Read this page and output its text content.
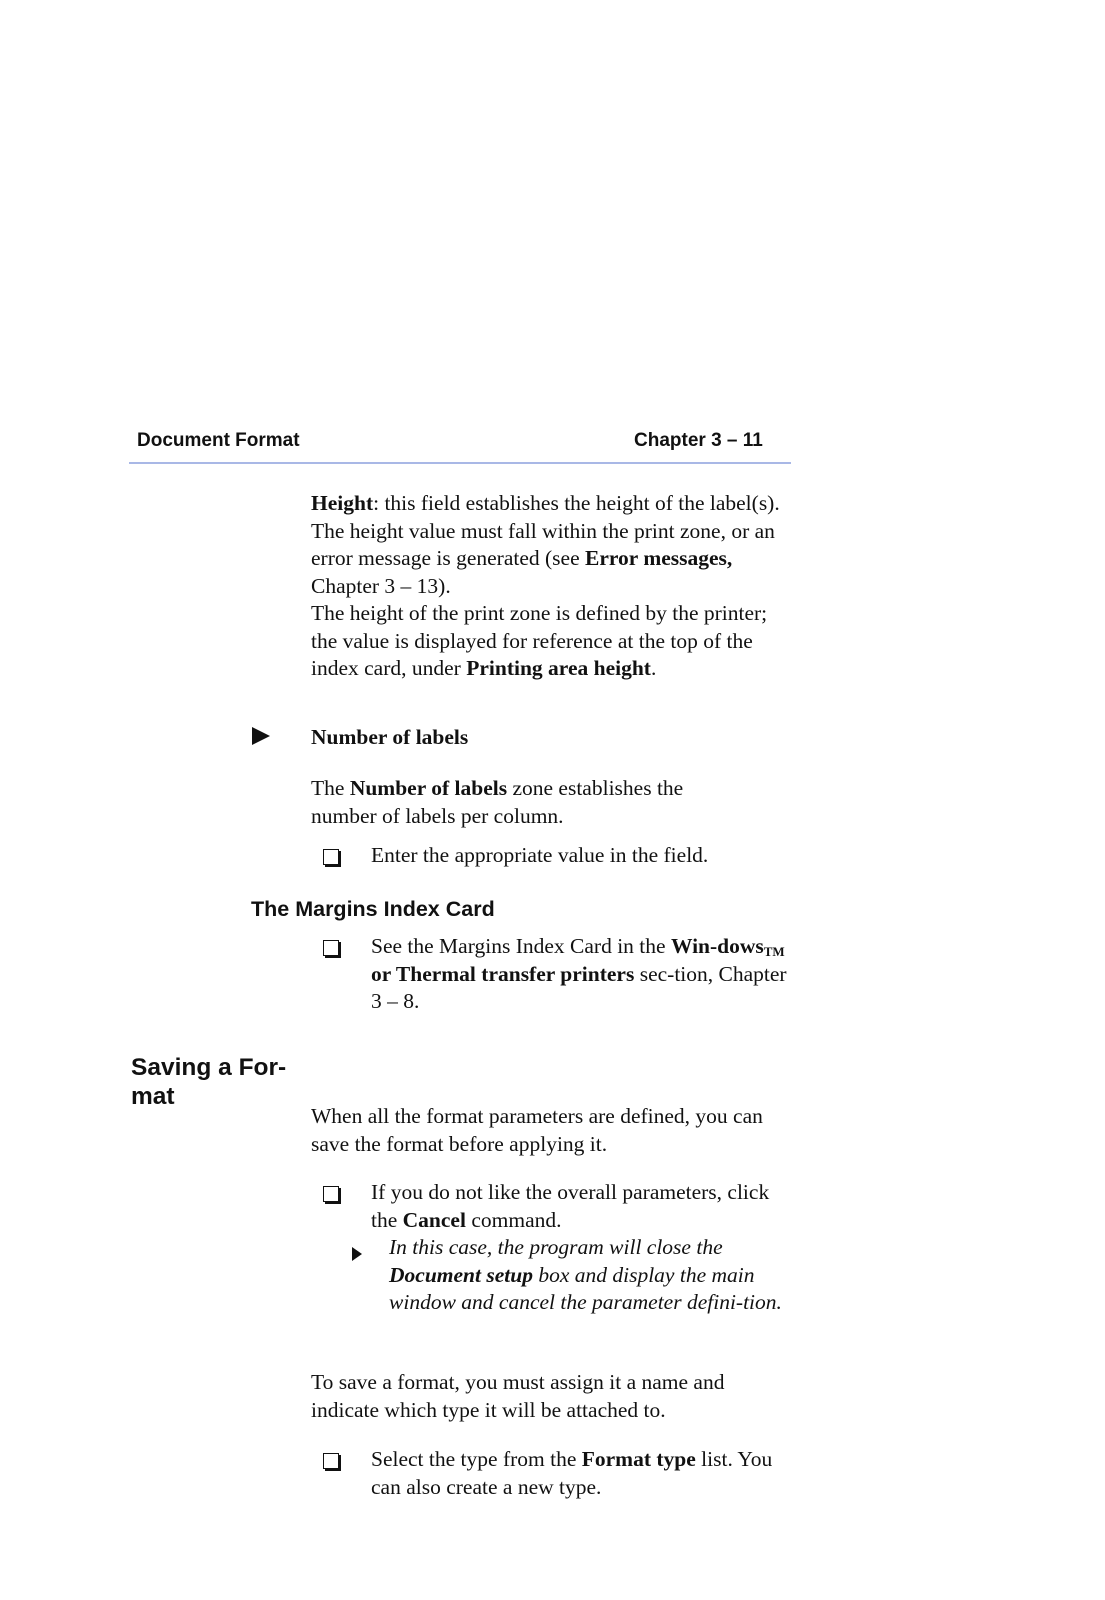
Document Format	Chapter 3 – 11

Height: this field establishes the height of the label(s). The height value must fall within the print zone, or an error message is generated (see Error messages, Chapter 3 – 13).

The height of the print zone is defined by the printer; the value is displayed for reference at the top of the index card, under Printing area height.

Number of labels

The Number of labels zone establishes the number of labels per column.

Enter the appropriate value in the field.
The Margins Index Card
See the Margins Index Card in the Win-dows$_{TM}$ or Thermal transfer printers sec-tion, Chapter 3 – 8.
Saving a For-
mat

When all the format parameters are defined, you can save the format before applying it.

If you do not like the overall parameters, click the Cancel command.

In this case, the program will close the Document setup box and display the main window and cancel the parameter defini-tion.

To save a format, you must assign it a name and indicate which type it will be attached to.

Select the type from the Format type list. You can also create a new type.
